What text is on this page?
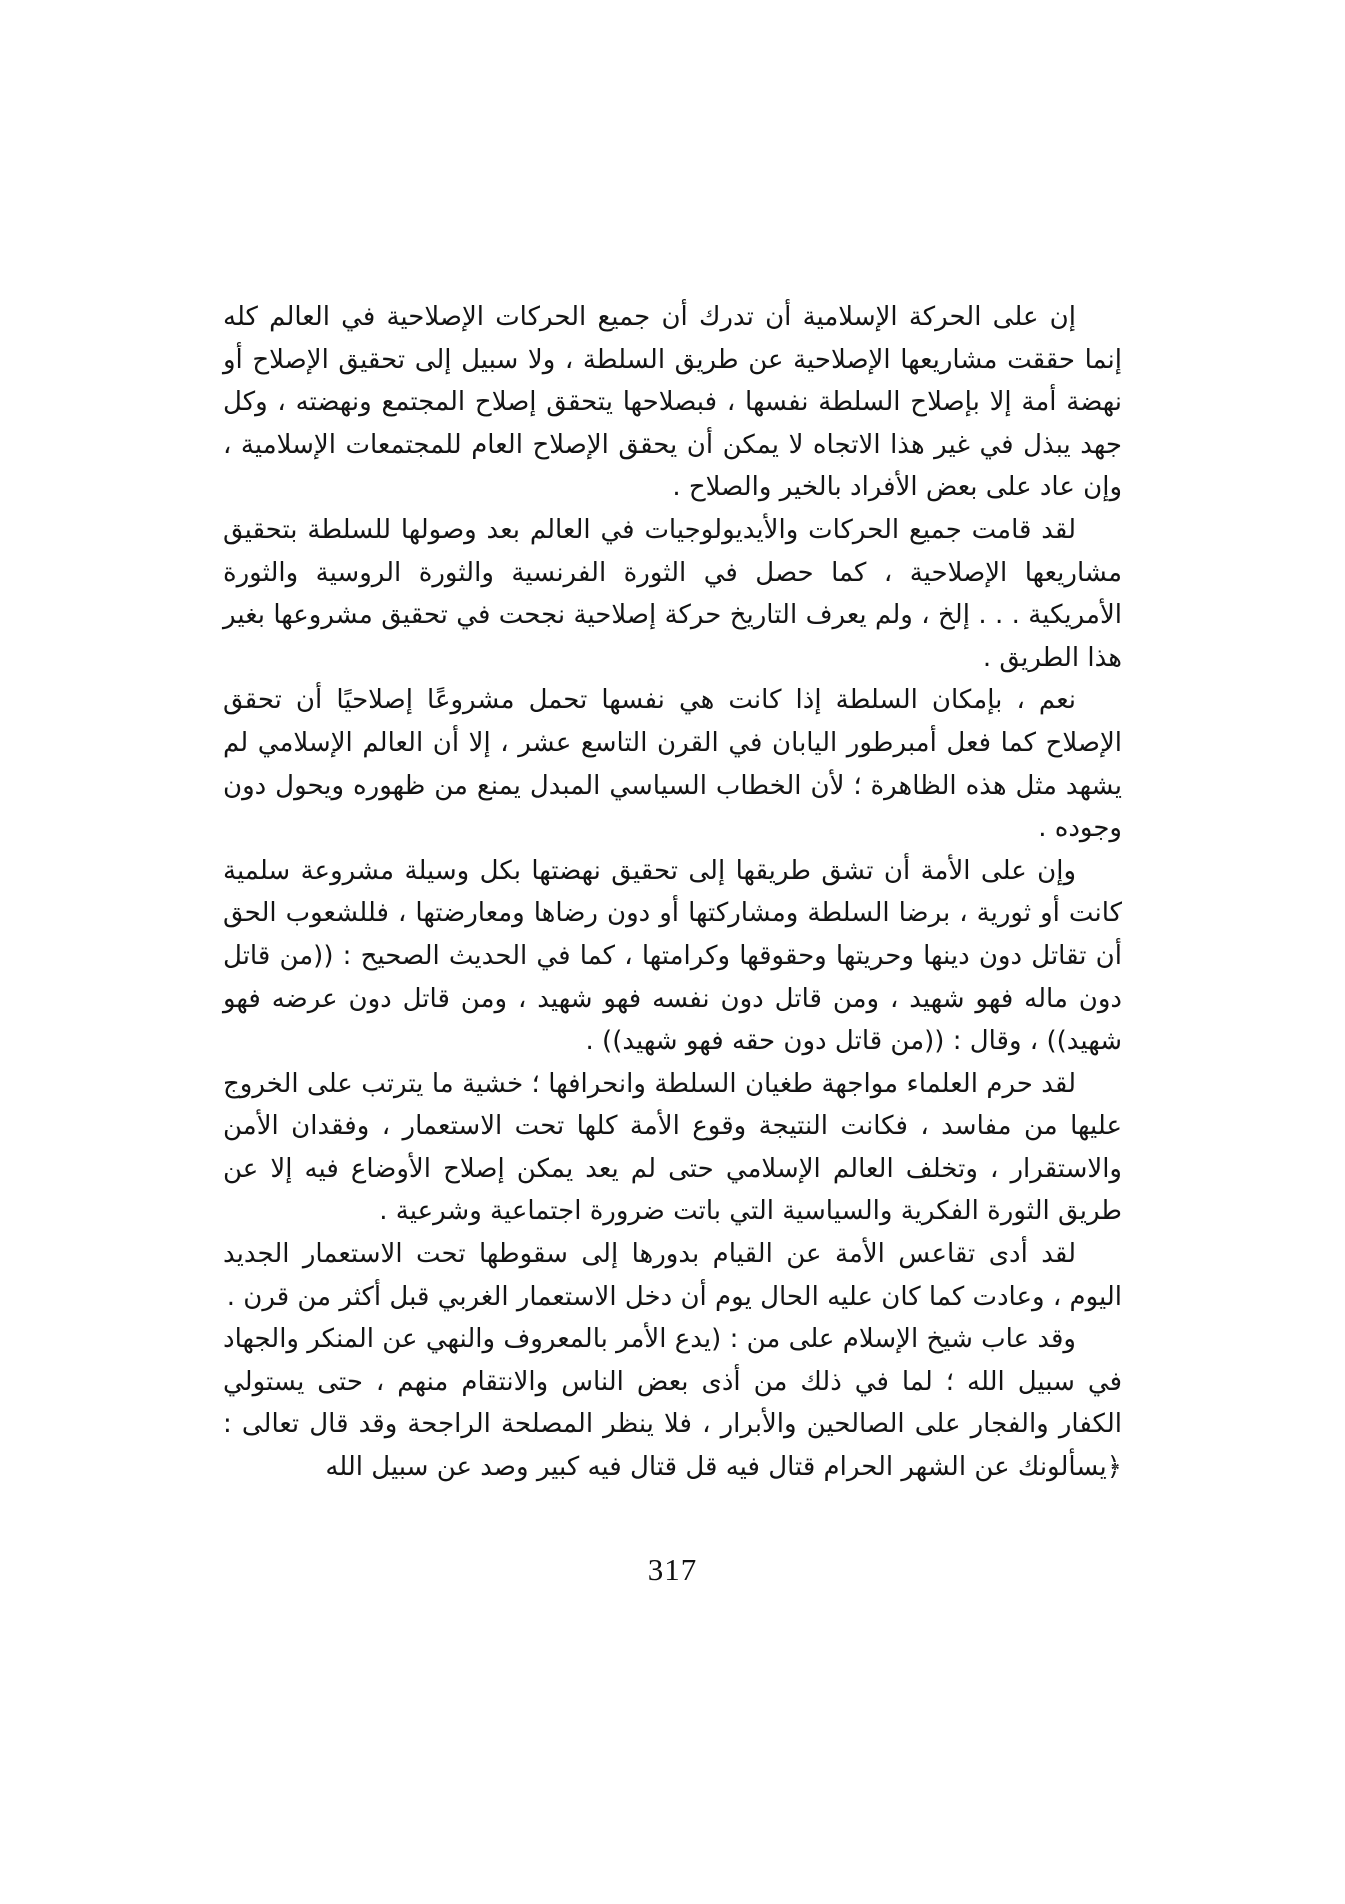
إن على الحركة الإسلامية أن تدرك أن جميع الحركات الإصلاحية في العالم كله إنما حققت مشاريعها الإصلاحية عن طريق السلطة ، ولا سبيل إلى تحقيق الإصلاح أو نهضة أمة إلا بإصلاح السلطة نفسها ، فبصلاحها يتحقق إصلاح المجتمع ونهضته ، وكل جهد يبذل في غير هذا الاتجاه لا يمكن أن يحقق الإصلاح العام للمجتمعات الإسلامية ، وإن عاد على بعض الأفراد بالخير والصلاح .

لقد قامت جميع الحركات والأيديولوجيات في العالم بعد وصولها للسلطة بتحقيق مشاريعها الإصلاحية ، كما حصل في الثورة الفرنسية والثورة الروسية والثورة الأمريكية . . . إلخ ، ولم يعرف التاريخ حركة إصلاحية نجحت في تحقيق مشروعها بغير هذا الطريق .

نعم ، بإمكان السلطة إذا كانت هي نفسها تحمل مشروعًا إصلاحيًا أن تحقق الإصلاح كما فعل أمبرطور اليابان في القرن التاسع عشر ، إلا أن العالم الإسلامي لم يشهد مثل هذه الظاهرة ؛ لأن الخطاب السياسي المبدل يمنع من ظهوره ويحول دون وجوده .

وإن على الأمة أن تشق طريقها إلى تحقيق نهضتها بكل وسيلة مشروعة سلمية كانت أو ثورية ، برضا السلطة ومشاركتها أو دون رضاها ومعارضتها ، فللشعوب الحق أن تقاتل دون دينها وحريتها وحقوقها وكرامتها ، كما في الحديث الصحيح : ((من قاتل دون ماله فهو شهيد ، ومن قاتل دون نفسه فهو شهيد ، ومن قاتل دون عرضه فهو شهيد)) ، وقال : ((من قاتل دون حقه فهو شهيد)) .

لقد حرم العلماء مواجهة طغيان السلطة وانحرافها ؛ خشية ما يترتب على الخروج عليها من مفاسد ، فكانت النتيجة وقوع الأمة كلها تحت الاستعمار ، وفقدان الأمن والاستقرار ، وتخلف العالم الإسلامي حتى لم يعد يمكن إصلاح الأوضاع فيه إلا عن طريق الثورة الفكرية والسياسية التي باتت ضرورة اجتماعية وشرعية .

لقد أدى تقاعس الأمة عن القيام بدورها إلى سقوطها تحت الاستعمار الجديد اليوم ، وعادت كما كان عليه الحال يوم أن دخل الاستعمار الغربي قبل أكثر من قرن .

وقد عاب شيخ الإسلام على من : (يدع الأمر بالمعروف والنهي عن المنكر والجهاد في سبيل الله ؛ لما في ذلك من أذى بعض الناس والانتقام منهم ، حتى يستولي الكفار والفجار على الصالحين والأبرار ، فلا ينظر المصلحة الراجحة وقد قال تعالى : ﴿يسألونك عن الشهر الحرام قتال فيه قل قتال فيه كبير وصد عن سبيل الله

317
